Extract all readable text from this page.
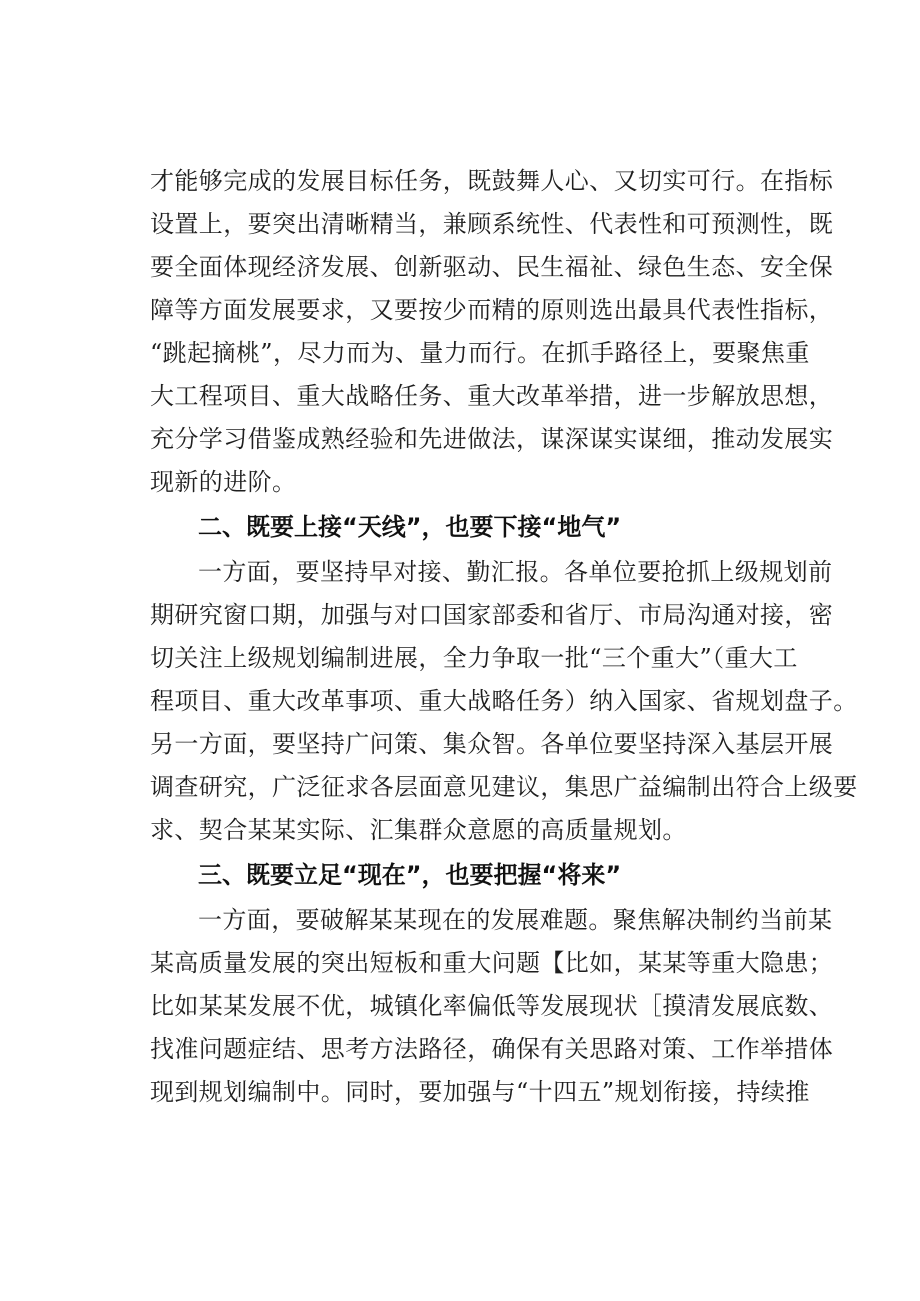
才能够完成的发展目标任务，既鼓舞人心、又切实可行。在指标
设置上，要突出清晰精当，兼顾系统性、代表性和可预测性，既
要全面体现经济发展、创新驱动、民生福祉、绿色生态、安全保
障等方面发展要求，又要按少而精的原则选出最具代表性指标，
“跳起摘桃”，尽力而为、量力而行。在抓手路径上，要聚焦重
大工程项目、重大战略任务、重大改革举措，进一步解放思想，
充分学习借鉴成熟经验和先进做法，谋深谋实谋细，推动发展实
现新的进阶。
二、既要上接“天线”，也要下接“地气”
一方面，要坚持早对接、勤汇报。各单位要抢抓上级规划前
期研究窗口期，加强与对口国家部委和省厅、市局沟通对接，密
切关注上级规划编制进展，全力争取一批“三个重大”（重大工
程项目、重大改革事项、重大战略任务）纳入国家、省规划盘子。
另一方面，要坚持广问策、集众智。各单位要坚持深入基层开展
调查研究，广泛征求各层面意见建议，集思广益编制出符合上级要
求、契合某某实际、汇集群众意愿的高质量规划。
三、既要立足“现在”，也要把握“将来”
一方面，要破解某某现在的发展难题。聚焦解决制约当前某
某高质量发展的突出短板和重大问题【比如，某某等重大隐患；
比如某某发展不优，城镇化率偏低等发展现状［摸清发展底数、
找准问题症结、思考方法路径，确保有关思路对策、工作举措体
现到规划编制中。同时，要加强与“十四五”规划衔接，持续推
